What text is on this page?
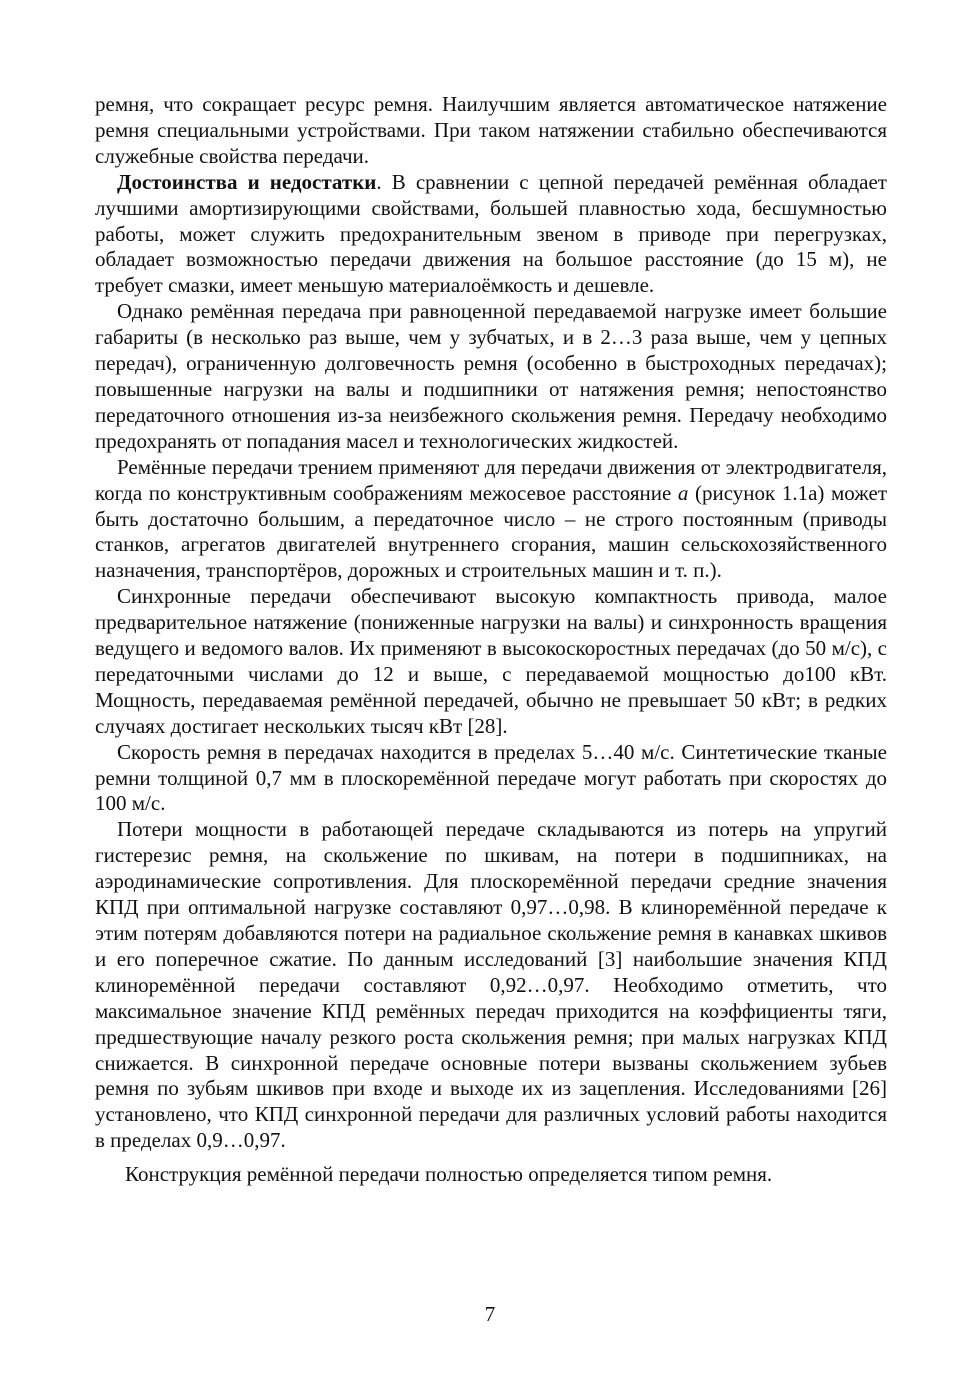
ремня, что сокращает ресурс ремня. Наилучшим является автоматическое натяжение ремня специальными устройствами. При таком натяжении стабильно обеспечиваются служебные свойства передачи.

Достоинства и недостатки. В сравнении с цепной передачей ремённая обладает лучшими амортизирующими свойствами, большей плавностью хода, бесшумностью работы, может служить предохранительным звеном в приводе при перегрузках, обладает возможностью передачи движения на большое расстояние (до 15 м), не требует смазки, имеет меньшую материалоёмкость и дешевле.

Однако ремённая передача при равноценной передаваемой нагрузке имеет большие габариты (в несколько раз выше, чем у зубчатых, и в 2…3 раза выше, чем у цепных передач), ограниченную долговечность ремня (особенно в быстроходных передачах); повышенные нагрузки на валы и подшипники от натяжения ремня; непостоянство передаточного отношения из-за неизбежного скольжения ремня. Передачу необходимо предохранять от попадания масел и технологических жидкостей.

Ремённые передачи трением применяют для передачи движения от электродвигателя, когда по конструктивным соображениям межосевое расстояние a (рисунок 1.1а) может быть достаточно большим, а передаточное число – не строго постоянным (приводы станков, агрегатов двигателей внутреннего сгорания, машин сельскохозяйственного назначения, транспортёров, дорожных и строительных машин и т. п.).

Синхронные передачи обеспечивают высокую компактность привода, малое предварительное натяжение (пониженные нагрузки на валы) и синхронность вращения ведущего и ведомого валов. Их применяют в высокоскоростных передачах (до 50 м/с), с передаточными числами до 12 и выше, с передаваемой мощностью до100 кВт. Мощность, передаваемая ремённой передачей, обычно не превышает 50 кВт; в редких случаях достигает нескольких тысяч кВт [28].

Скорость ремня в передачах находится в пределах 5…40 м/с. Синтетические тканые ремни толщиной 0,7 мм в плоскоремённой передаче могут работать при скоростях до 100 м/с.

Потери мощности в работающей передаче складываются из потерь на упругий гистерезис ремня, на скольжение по шкивам, на потери в подшипниках, на аэродинамические сопротивления. Для плоскоремённой передачи средние значения КПД при оптимальной нагрузке составляют 0,97…0,98. В клиноремённой передаче к этим потерям добавляются потери на радиальное скольжение ремня в канавках шкивов и его поперечное сжатие. По данным исследований [3] наибольшие значения КПД клиноремённой передачи составляют 0,92…0,97. Необходимо отметить, что максимальное значение КПД ремённых передач приходится на коэффициенты тяги, предшествующие началу резкого роста скольжения ремня; при малых нагрузках КПД снижается. В синхронной передаче основные потери вызваны скольжением зубьев ремня по зубьям шкивов при входе и выходе их из зацепления. Исследованиями [26] установлено, что КПД синхронной передачи для различных условий работы находится в пределах 0,9…0,97.

Конструкция ремённой передачи полностью определяется типом ремня.

7
